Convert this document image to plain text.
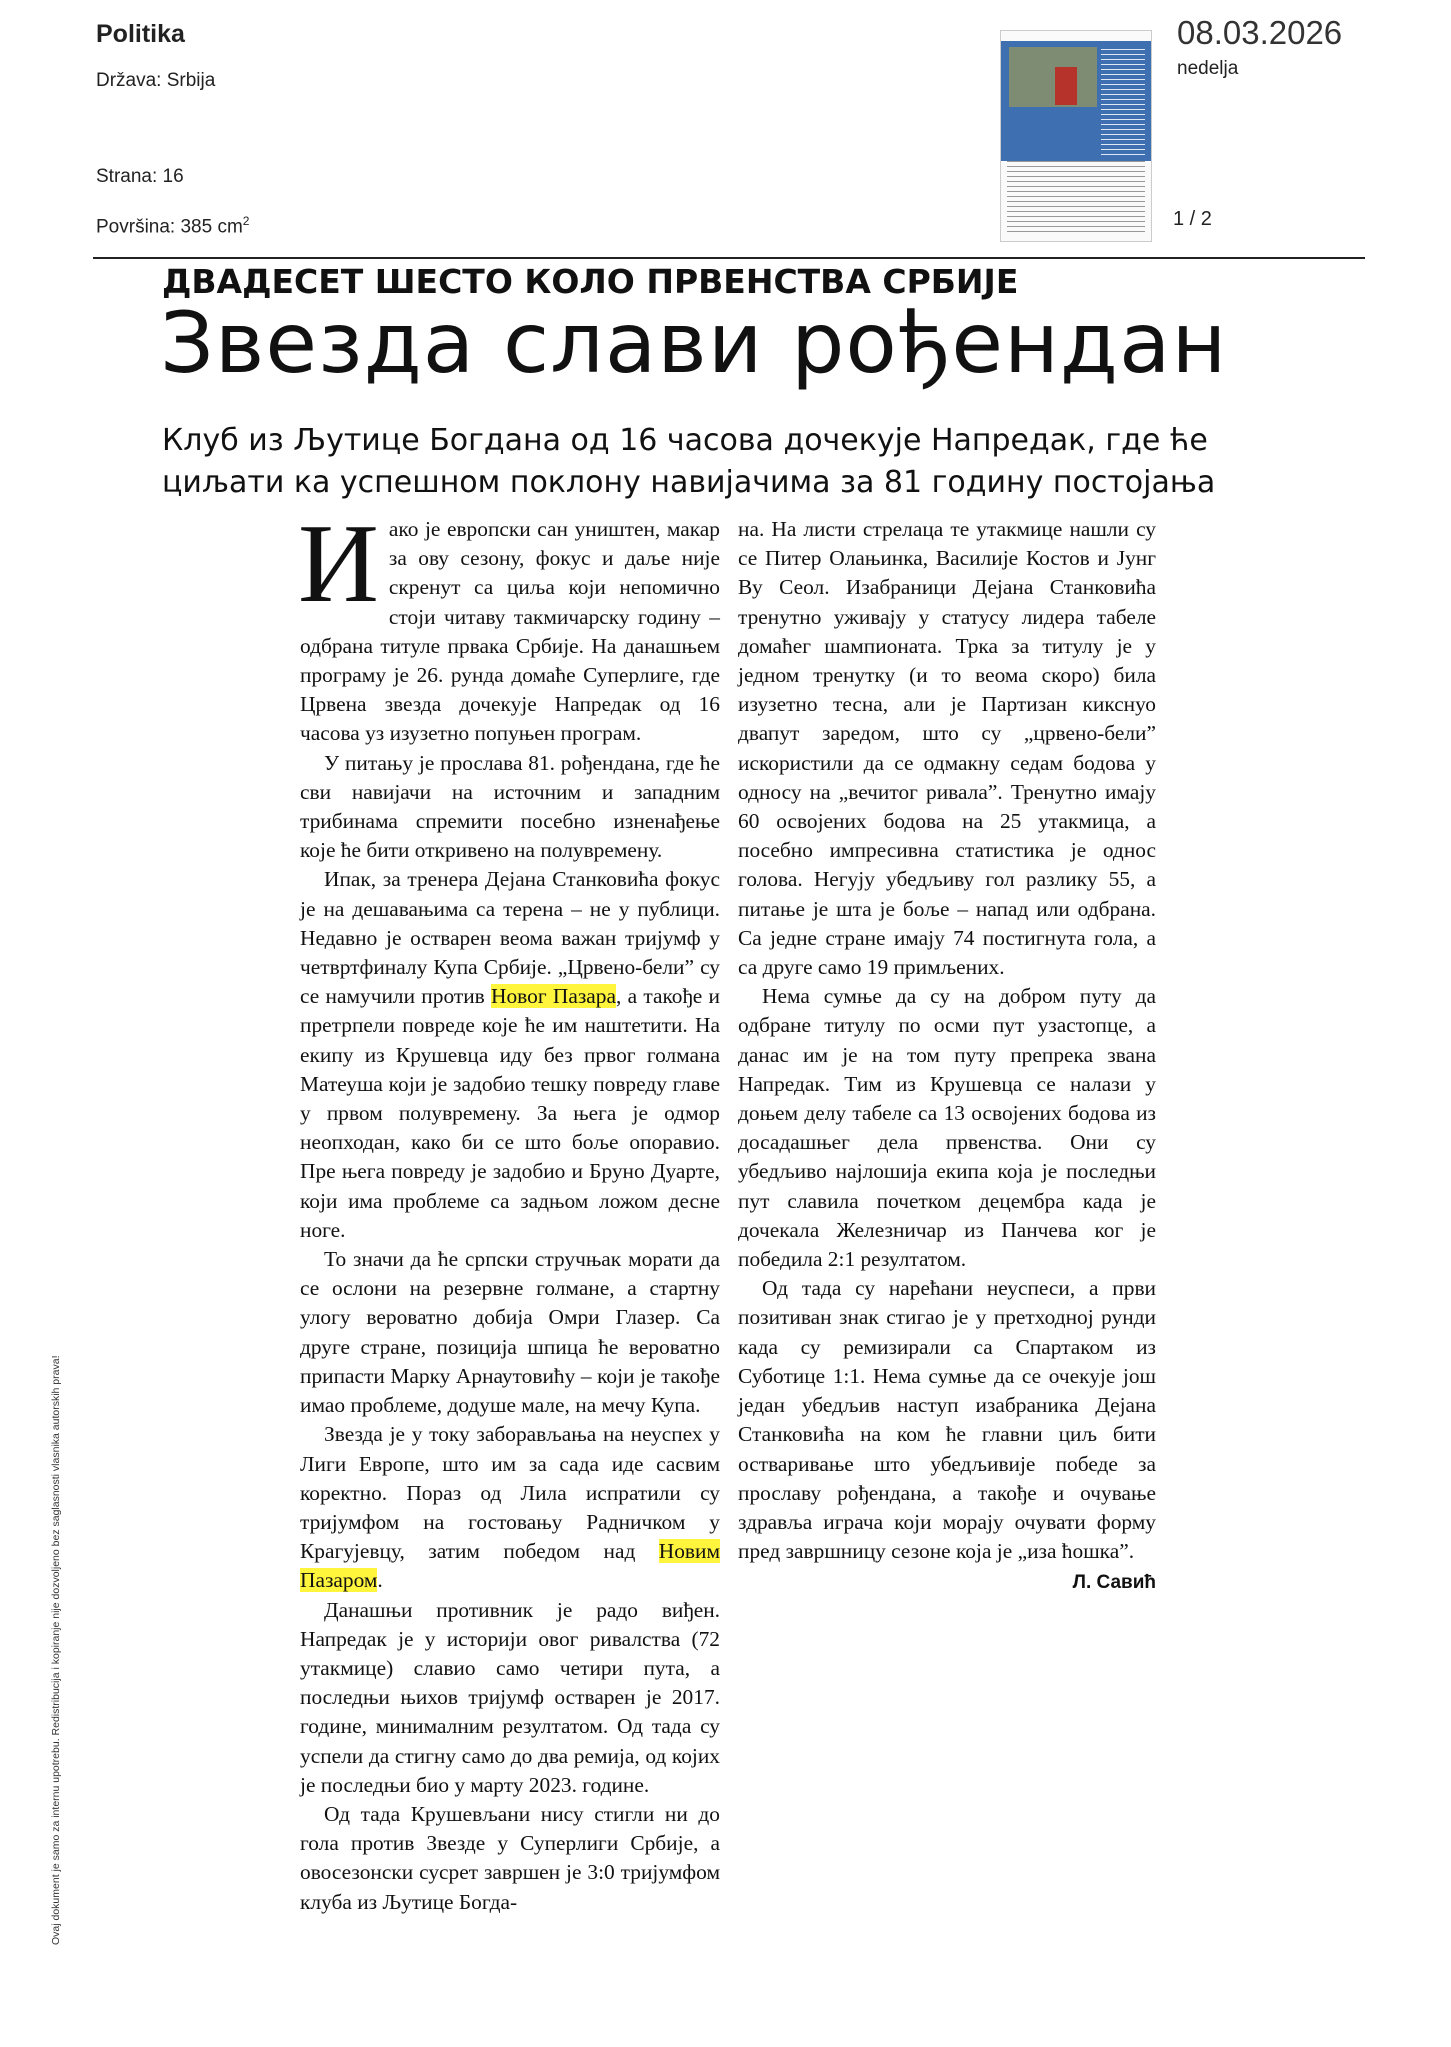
Politika
Država: Srbija
Strana: 16
Površina: 385 $cm^2$
08.03.2026
nedelja
1 / 2
ДВАДЕСЕТ ШЕСТО КОЛО ПРВЕНСТВА СРБИЈЕ
Звезда слави рођендан
Клуб из Љутице Богдана од 16 часова дочекује Напредак, где ће циљати ка успешном поклону навијачима за 81 годину постојања

Иако је европски сан уништен, макар за ову сезону, фокус и даље није скренут са циља који непомично стоји читаву такмичарску годину – одбрана титуле првака Србије. На данашњем програму је 26. рунда домаће Суперлиге, где Црвена звезда дочекује Напредак од 16 часова уз изузетно попуњен програм.

У питању је прослава 81. рођендана, где ће сви навијачи на источним и западним трибинама спремити посебно изненађење које ће бити откривено на полувремену.

Ипак, за тренера Дејана Станковића фокус је на дешавањима са терена – не у публици. Недавно је остварен веома важан тријумф у четвртфиналу Купа Србије. „Црвено-бели” су се намучили против Новог Пазара, а такође и претрпели повреде које ће им наштетити. На екипу из Крушевца иду без првог голмана Матеуша који је задобио тешку повреду главе у првом полувремену. За њега је одмор неопходан, како би се што боље опоравио. Пре њега повреду је задобио и Бруно Дуарте, који има проблеме са задњом ложом десне ноге.

То значи да ће српски стручњак морати да се ослони на резервне голмане, а стартну улогу вероватно добија Омри Глазер. Са друге стране, позиција шпица ће вероватно припасти Марку Арнаутовићу – који је такође имао проблеме, додуше мале, на мечу Купа.

Звезда је у току заборављања на неуспех у Лиги Европе, што им за сада иде сасвим коректно. Пораз од Лила испратили су тријумфом на гостовању Радничком у Крагујевцу, затим победом над Новим Пазаром.

Данашњи противник је радо виђен. Напредак је у историји овог ривалства (72 утакмице) славио само четири пута, а последњи њихов тријумф остварен је 2017. године, минималним резултатом. Од тада су успели да стигну само до два ремија, од којих је последњи био у марту 2023. године.

Од тада Крушевљани нису стигли ни до гола против Звезде у Суперлиги Србије, а овосезонски сусрет завршен је 3:0 тријумфом клуба из Љутице Богда-

на. На листи стрелаца те утакмице нашли су се Питер Олањинка, Василије Костов и Јунг Ву Сеол. Изабраници Дејана Станковића тренутно уживају у статусу лидера табеле домаћег шампионата. Трка за титулу је у једном тренутку (и то веома скоро) била изузетно тесна, али је Партизан кикснуо двапут заредом, што су „црвено-бели” искористили да се одмакну седам бодова у односу на „вечитог ривала”. Тренутно имају 60 освојених бодова на 25 утакмица, а посебно импресивна статистика је однос голова. Негују убедљиву гол разлику 55, а питање је шта је боље – напад или одбрана. Са једне стране имају 74 постигнута гола, а са друге само 19 примљених.

Нема сумње да су на добром путу да одбране титулу по осми пут узастопце, а данас им је на том путу препрека звана Напредак. Тим из Крушевца се налази у доњем делу табеле са 13 освојених бодова из досадашњег дела првенства. Они су убедљиво најлошија екипа која је последњи пут славила почетком децембра када је дочекала Железничар из Панчева ког је победила 2:1 резултатом.

Од тада су нарећани неуспеси, а први позитиван знак стигао је у претходној рунди када су ремизирали са Спартаком из Суботице 1:1. Нема сумње да се очекује још један убедљив наступ изабраника Дејана Станковића на ком ће главни циљ бити остваривање што убедљивије победе за прославу рођендана, а такође и очување здравља играча који морају очувати форму пред завршницу сезоне која је „иза ћошка”.

Л. Савић
Ovaj dokument je samo za internu upotrebu. Redistribucija i kopiranje nije dozvoljeno bez saglasnosti vlasnika autorskih prava!
